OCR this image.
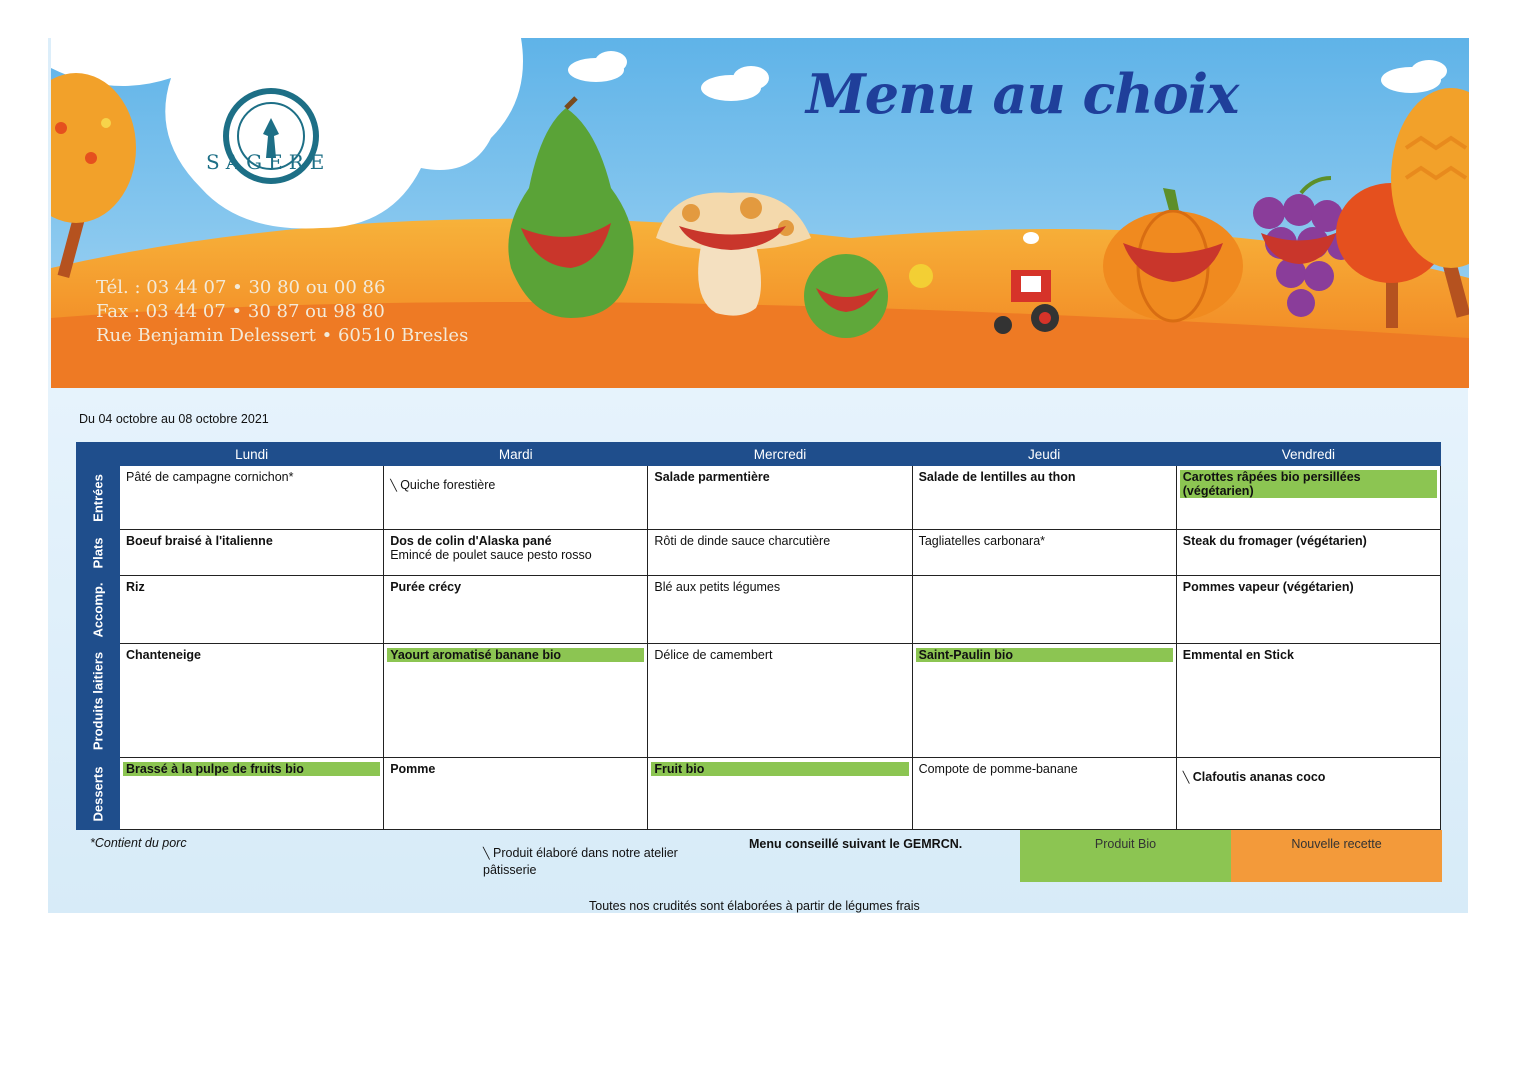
Menu au choix
SAGERE
Tél. : 03 44 07 • 30 80 ou 00 86
Fax : 03 44 07 • 30 87 ou 98 80
Rue Benjamin Delessert • 60510 Bresles
Du 04 octobre au 08 octobre 2021
	Lundi	Mardi	Mercredi	Jeudi	Vendredi

Entrées	Pâté de campagne cornichon*	╲ Quiche forestière	Salade parmentière	Salade de lentilles au thon	Carottes râpées bio persillées (végétarien)

Plats	Boeuf braisé à l'italienne	Dos de colin d'Alaska pané
Emincé de poulet sauce pesto rosso	Rôti de dinde sauce charcutière	Tagliatelles carbonara*	Steak du fromager (végétarien)

Accomp.	Riz	Purée crécy	Blé aux petits légumes		Pommes vapeur (végétarien)

Produits laitiers	Chanteneige	Yaourt aromatisé banane bio	Délice de camembert	Saint-Paulin bio	Emmental en Stick

Desserts	Brassé à la pulpe de fruits bio	Pomme	Fruit bio	Compote de pomme-banane	╲ Clafoutis ananas coco
*Contient du porc
╲ Produit élaboré dans notre atelier pâtisserie
Menu conseillé suivant le GEMRCN.	Produit Bio	Nouvelle recette
Toutes nos crudités sont élaborées à partir de légumes frais
